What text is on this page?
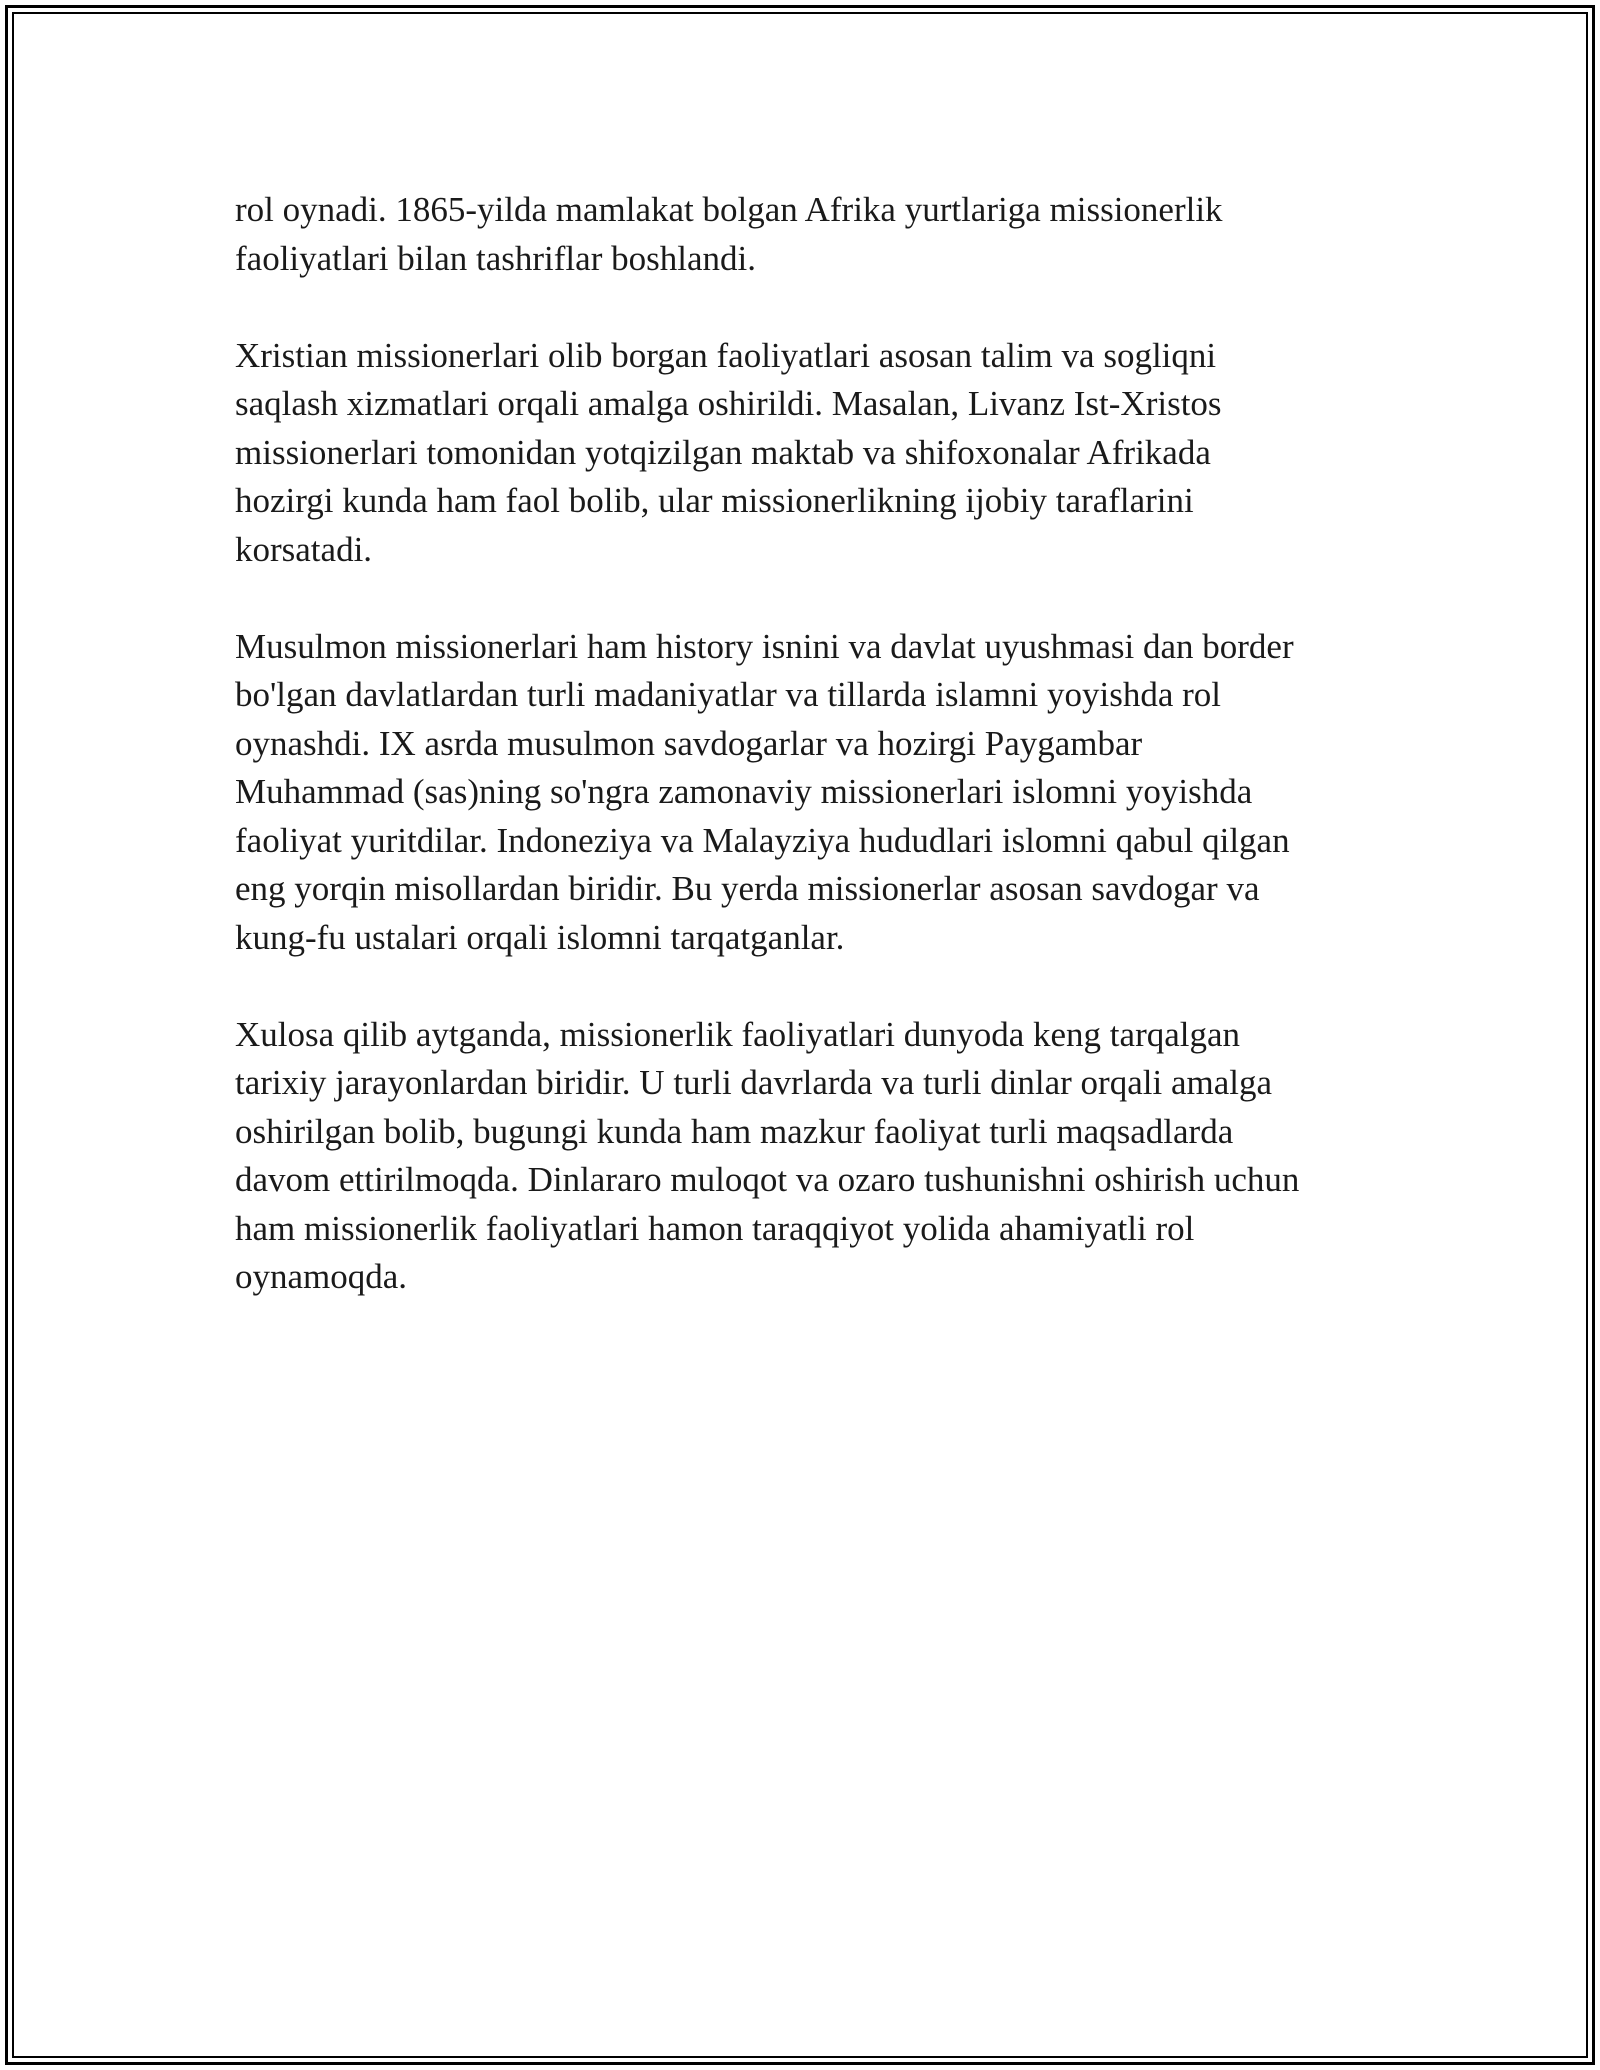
rol oynadi. 1865-yilda mamlakat bolgan Afrika yurtlariga missionerlik
faoliyatlari bilan tashriflar boshlandi.

Xristian missionerlari olib borgan faoliyatlari asosan talim va sogliqni
saqlash xizmatlari orqali amalga oshirildi. Masalan, Livanz Ist-Xristos
missionerlari tomonidan yotqizilgan maktab va shifoxonalar Afrikada
hozirgi kunda ham faol bolib, ular missionerlikning ijobiy taraflarini
korsatadi.

Musulmon missionerlari ham history isnini va davlat uyushmasi dan border
bo'lgan davlatlardan turli madaniyatlar va tillarda islamni yoyishda rol
oynashdi. IX asrda musulmon savdogarlar va hozirgi Paygambar
Muhammad (sas)ning so'ngra zamonaviy missionerlari islomni yoyishda
faoliyat yuritdilar. Indoneziya va Malayziya hududlari islomni qabul qilgan
eng yorqin misollardan biridir. Bu yerda missionerlar asosan savdogar va
kung-fu ustalari orqali islomni tarqatganlar.

Xulosa qilib aytganda, missionerlik faoliyatlari dunyoda keng tarqalgan
tarixiy jarayonlardan biridir. U turli davrlarda va turli dinlar orqali amalga
oshirilgan bolib, bugungi kunda ham mazkur faoliyat turli maqsadlarda
davom ettirilmoqda. Dinlararo muloqot va ozaro tushunishni oshirish uchun
ham missionerlik faoliyatlari hamon taraqqiyot yolida ahamiyatli rol
oynamoqda.
